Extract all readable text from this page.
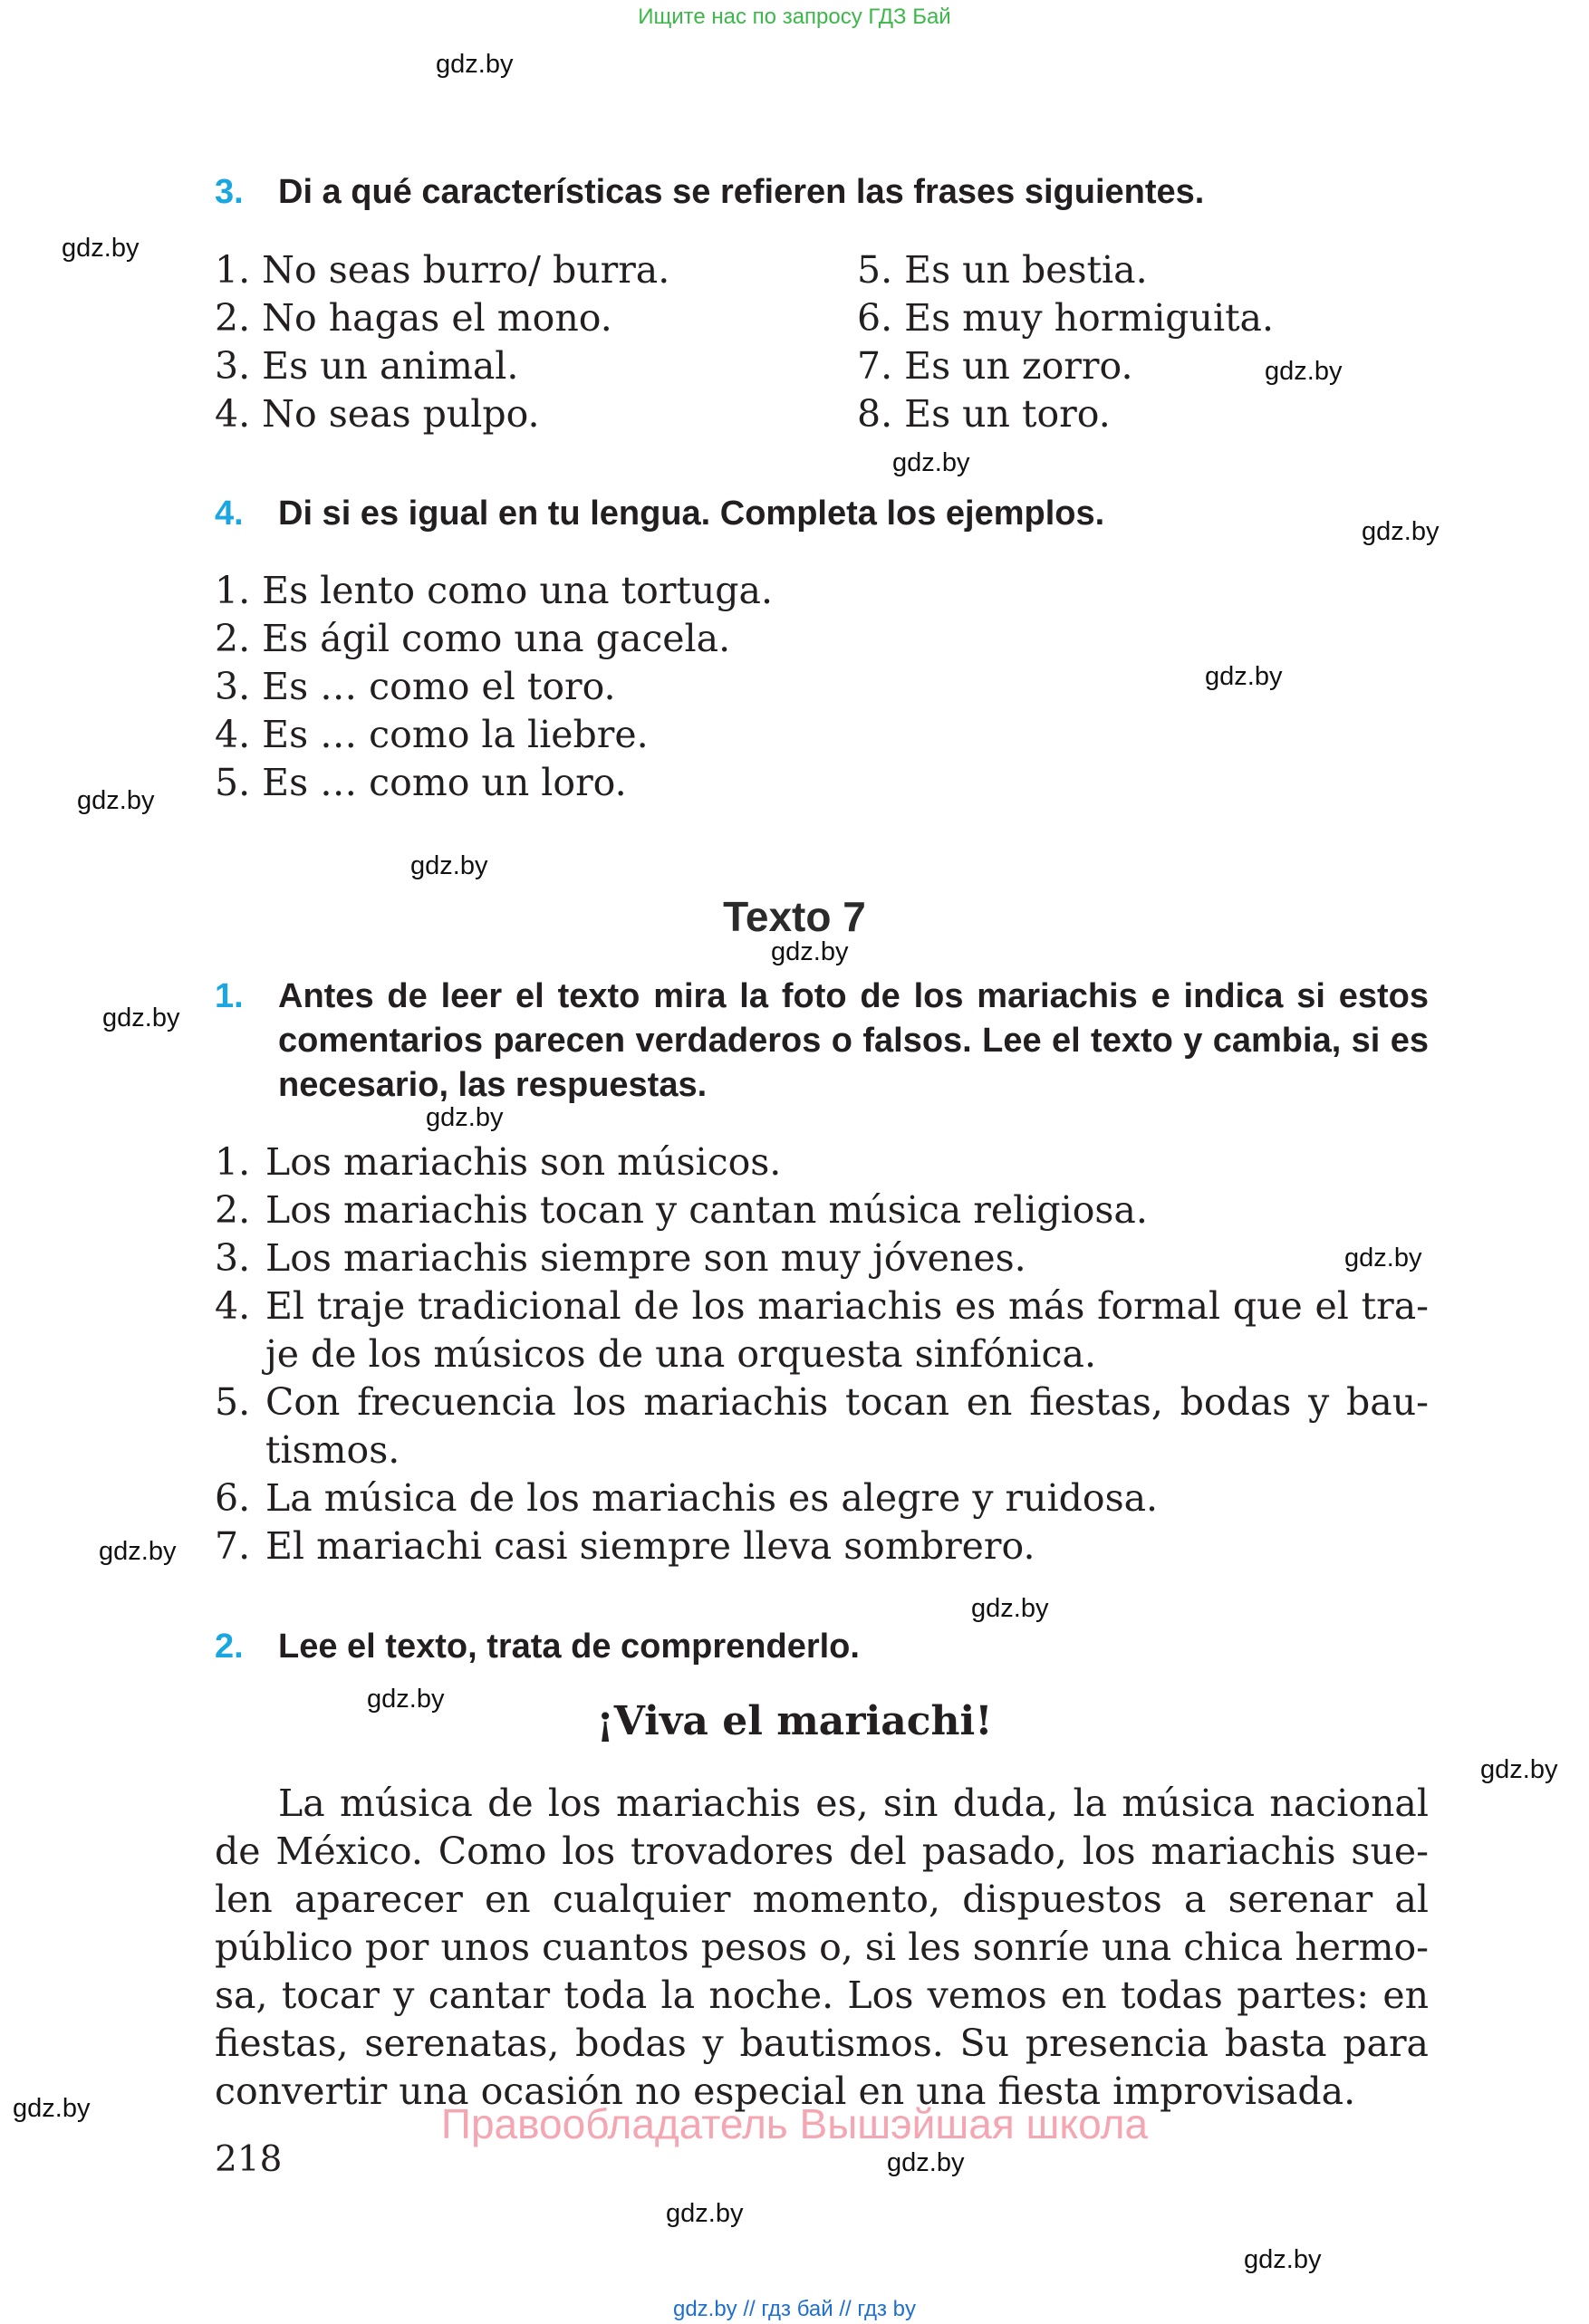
Ищите нас по запросу ГДЗ Бай
gdz.by
gdz.by
gdz.by
gdz.by
gdz.by
gdz.by
gdz.by
gdz.by
gdz.by
gdz.by
gdz.by
gdz.by
gdz.by
gdz.by
gdz.by
gdz.by
gdz.by
gdz.by
gdz.by
gdz.by
3. Di a qué características se refieren las frases siguientes.
1. No seas burro/ burra.
2. No hagas el mono.
3. Es un animal.
4. No seas pulpo.
5. Es un bestia.
6. Es muy hormiguita.
7. Es un zorro.
8. Es un toro.
4. Di si es igual en tu lengua. Completa los ejemplos.
1. Es lento como una tortuga.
2. Es ágil como una gacela.
3. Es … como el toro.
4. Es … como la liebre.
5. Es … como un loro.
Texto 7
1. Antes de leer el texto mira la foto de los mariachis e indica si estos comentarios parecen verdaderos o falsos. Lee el texto y cambia, si es necesario, las respuestas.
1. Los mariachis son músicos.
2. Los mariachis tocan y cantan música religiosa.
3. Los mariachis siempre son muy jóvenes.
4. El traje tradicional de los mariachis es más formal que el tra-je de los músicos de una orquesta sinfónica.
5. Con frecuencia los mariachis tocan en fiestas, bodas y bau-tismos.
6. La música de los mariachis es alegre y ruidosa.
7. El mariachi casi siempre lleva sombrero.
2. Lee el texto, trata de comprenderlo.
¡Viva el mariachi!
La música de los mariachis es, sin duda, la música nacional de México. Como los trovadores del pasado, los mariachis sue-len aparecer en cualquier momento, dispuestos a serenar al público por unos cuantos pesos o, si les sonríe una chica hermo-sa, tocar y cantar toda la noche. Los vemos en todas partes: en fiestas, serenatas, bodas y bautismos. Su presencia basta para convertir una ocasión no especial en una fiesta improvisada.
218
Правообладатель Вышэйшая школа
gdz.by // гдз бай // гдз by
